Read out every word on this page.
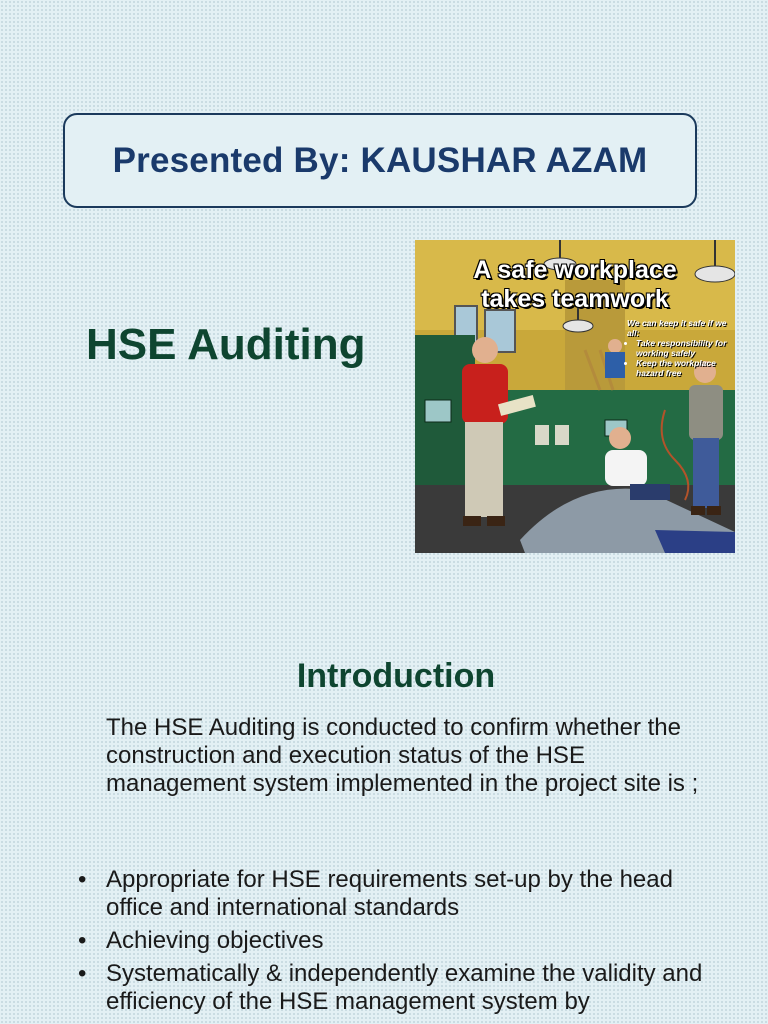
Presented By: KAUSHAR AZAM
HSE Auditing
A safe workplace
takes teamwork
We can keep it safe if we all:
• Take responsibility for working safely
• Keep the workplace hazard free
Introduction
The HSE Auditing is conducted to confirm whether the construction and execution status of the HSE management system implemented in the project site is ;
• Appropriate for HSE requirements set-up by the head office and international standards
• Achieving objectives
• Systematically & independently examine the validity and efficiency of the HSE management system by
